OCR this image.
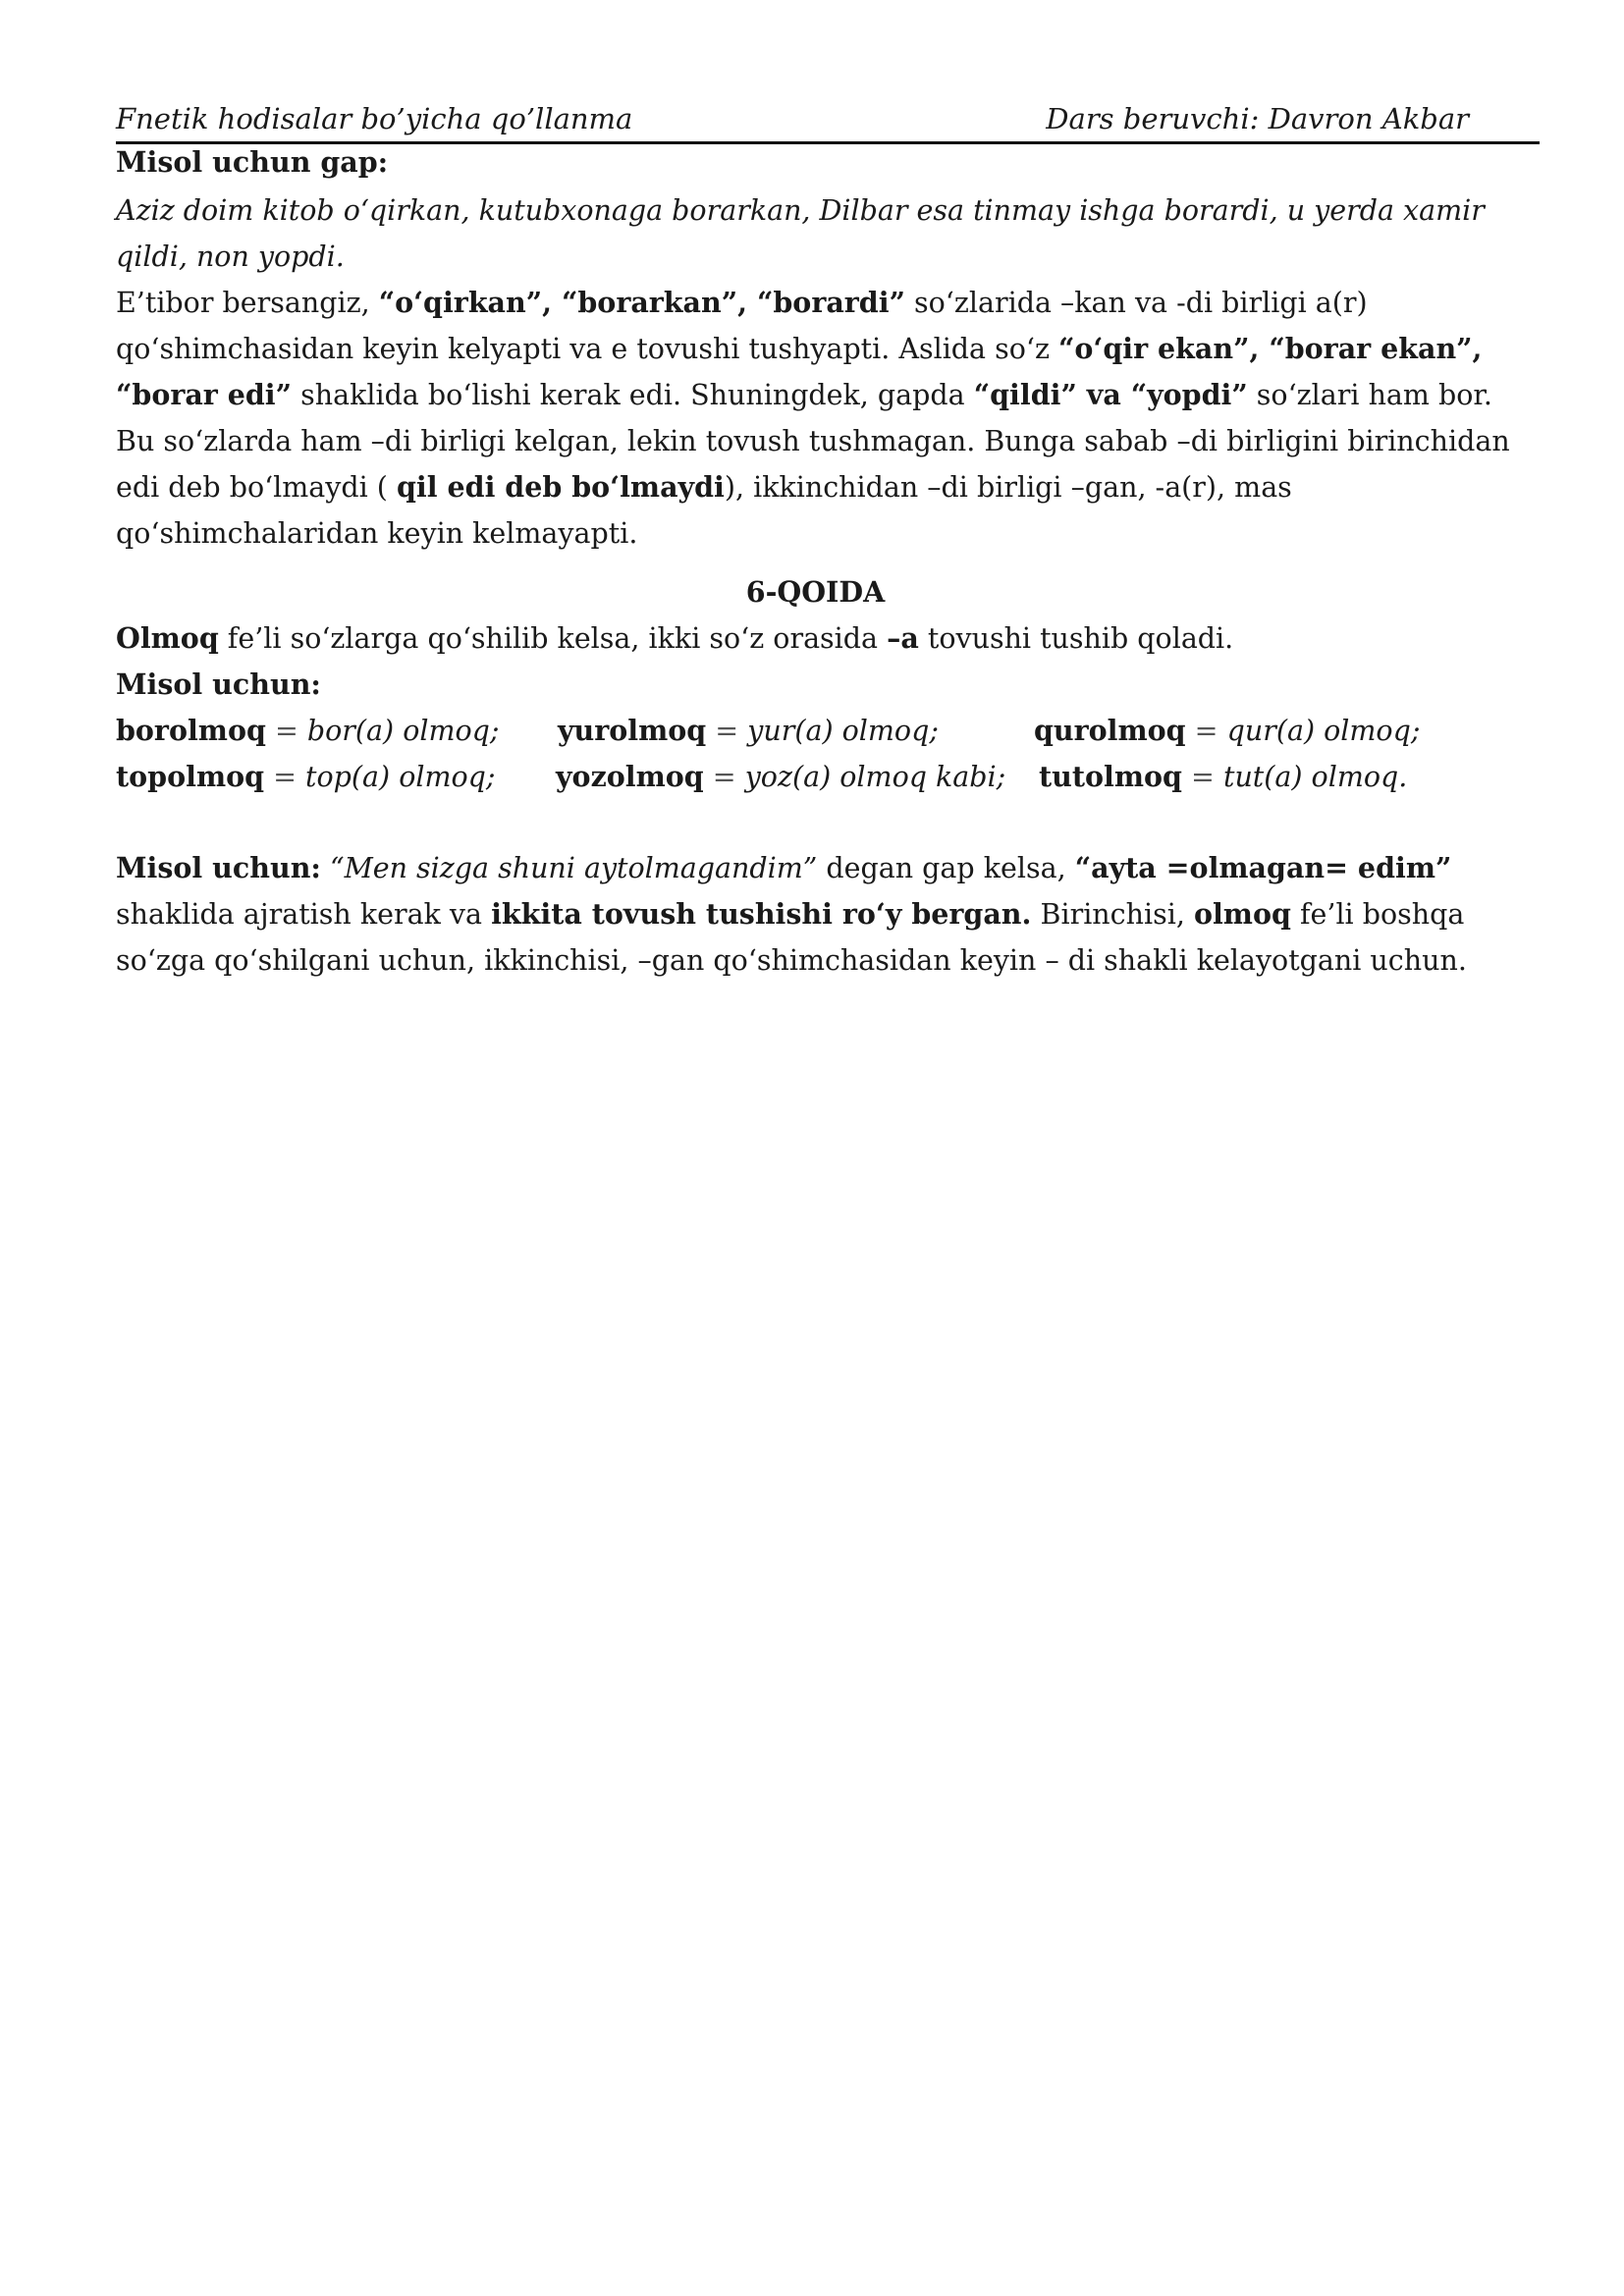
Fnetik hodisalar bo’yicha qo’llanma	Dars beruvchi: Davron Akbar
Misol uchun gap:
Aziz doim kitob o‘qirkan, kutubxonaga borarkan, Dilbar esa tinmay ishga borardi, u yerda xamir qildi, non yopdi.
E’tibor bersangiz, “o‘qirkan”, “borarkan”, “borardi” so‘zlarida –kan va -di birligi a(r) qo‘shimchasidan keyin kelyapti va e tovushi tushyapti. Aslida so‘z “o‘qir ekan”, “borar ekan”, “borar edi” shaklida bo‘lishi kerak edi. Shuningdek, gapda “qildi” va “yopdi” so‘zlari ham bor. Bu so‘zlarda ham –di birligi kelgan, lekin tovush tushmagan. Bunga sabab –di birligini birinchidan edi deb bo‘lmaydi ( qil edi deb bo‘lmaydi), ikkinchidan –di birligi –gan, -a(r), mas qo‘shimchalaridan keyin kelmayapti.
6-QOIDA
Olmoq fe’li so‘zlarga qo‘shilib kelsa, ikki so‘z orasida –a tovushi tushib qoladi.
Misol uchun:
borolmoq = bor(a) olmoq; yurolmoq = yur(a) olmoq;	qurolmoq = qur(a) olmoq;
topolmoq = top(a) olmoq; yozolmoq = yoz(a) olmoq kabi; tutolmoq = tut(a) olmoq.
Misol uchun: “Men sizga shuni aytolmagandim” degan gap kelsa, “ayta =olmagan= edim” shaklida ajratish kerak va ikkita tovush tushishi ro‘y bergan. Birinchisi, olmoq fe’li boshqa so‘zga qo‘shilgani uchun, ikkinchisi, –gan qo‘shimchasidan keyin – di shakli kelayotgani uchun.
